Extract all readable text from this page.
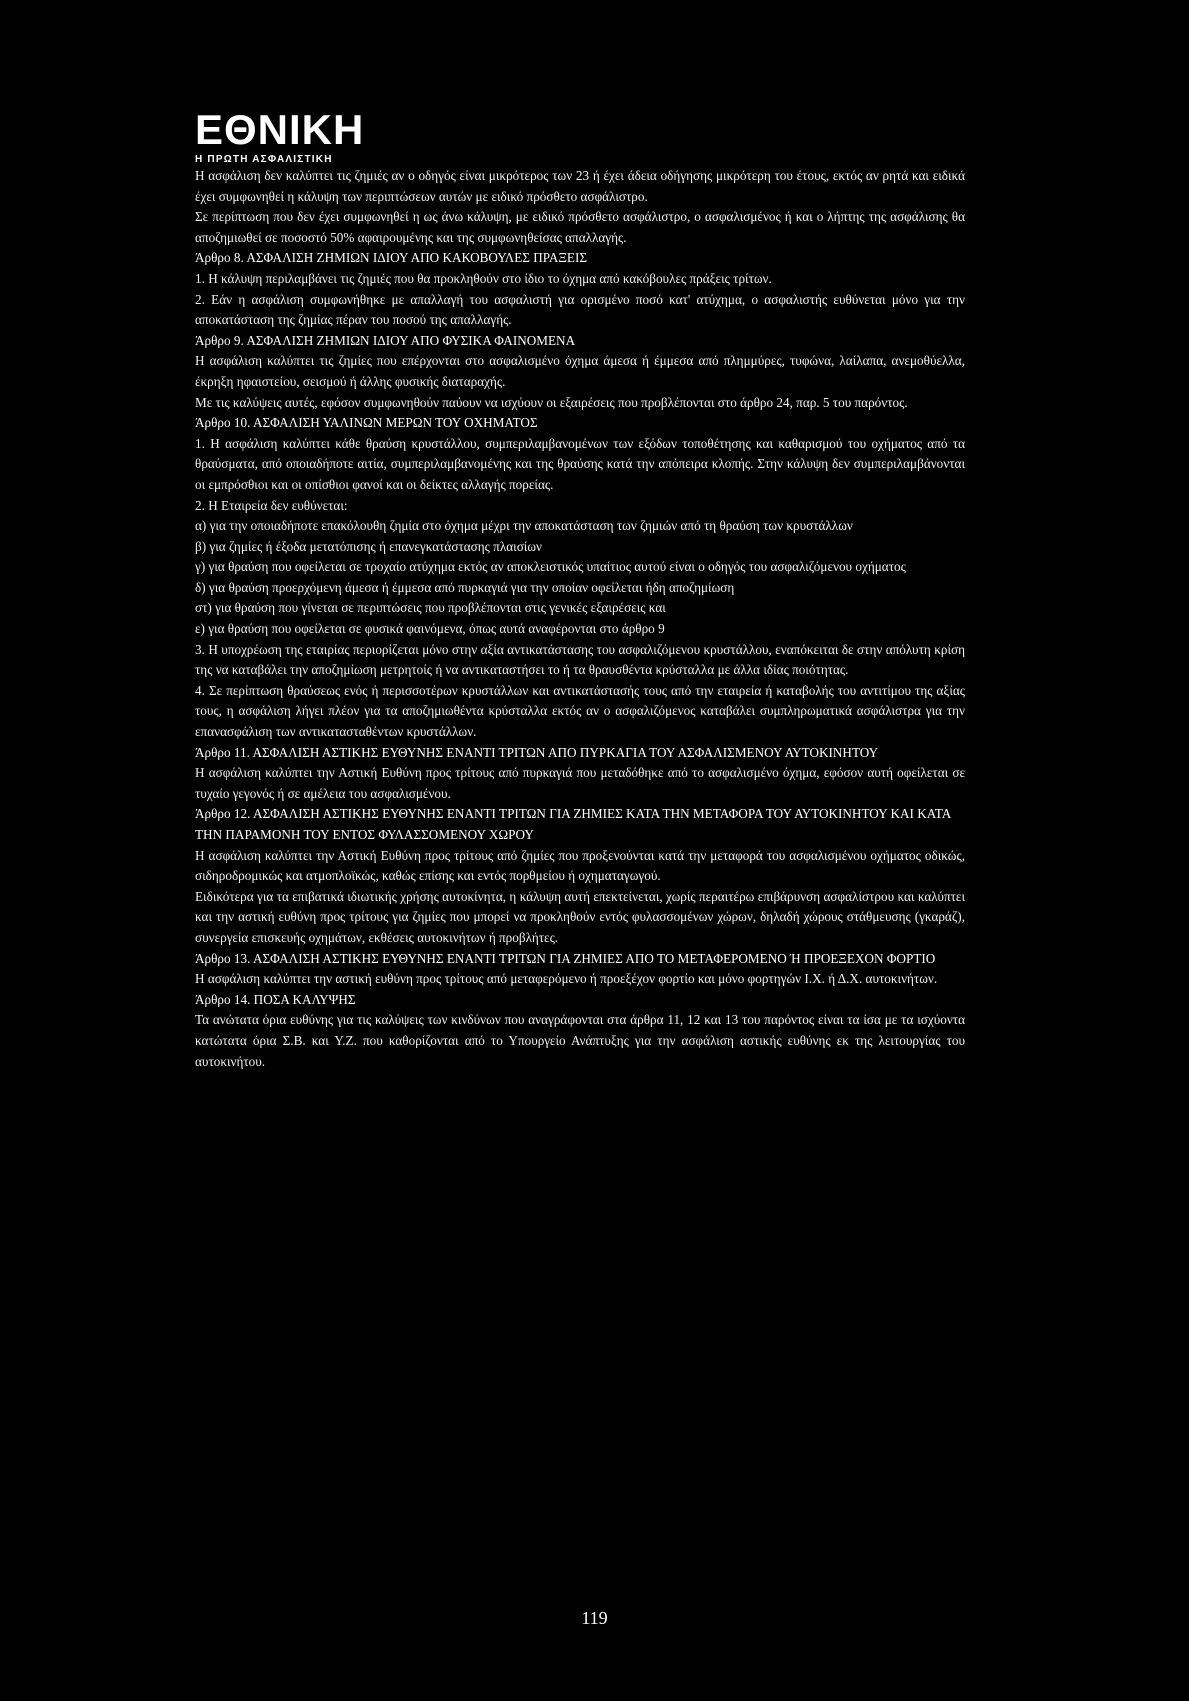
ΕΘΝΙΚΗ
Η ΠΡΩΤΗ ΑΣΦΑΛΙΣΤΙΚΗ

Η ασφάλιση δεν καλύπτει τις ζημιές αν ο οδηγός είναι μικρότερος των 23 ή έχει άδεια οδήγησης μικρότερη του έτους, εκτός αν ρητά και ειδικά έχει συμφωνηθεί η κάλυψη των περιπτώσεων αυτών με ειδικό πρόσθετο ασφάλιστρο.

Σε περίπτωση που δεν έχει συμφωνηθεί η ως άνω κάλυψη, με ειδικό πρόσθετο ασφάλιστρο, ο ασφαλισμένος ή και ο λήπτης της ασφάλισης θα αποζημιωθεί σε ποσοστό 50% αφαιρουμένης και της συμφωνηθείσας απαλλαγής.

Άρθρο 8. ΑΣΦΑΛΙΣΗ ΖΗΜΙΩΝ ΙΔΙΟΥ ΑΠΟ ΚΑΚΟΒΟΥΛΕΣ ΠΡΑΞΕΙΣ

1. Η κάλυψη περιλαμβάνει τις ζημιές που θα προκληθούν στο ίδιο το όχημα από κακόβουλες πράξεις τρίτων.

2. Εάν η ασφάλιση συμφωνήθηκε με απαλλαγή του ασφαλιστή για ορισμένο ποσό κατ' ατύχημα, ο ασφαλιστής ευθύνεται μόνο για την αποκατάσταση της ζημίας πέραν του ποσού της απαλλαγής.

Άρθρο 9. ΑΣΦΑΛΙΣΗ ΖΗΜΙΩΝ ΙΔΙΟΥ ΑΠΟ ΦΥΣΙΚΑ ΦΑΙΝΟΜΕΝΑ

Η ασφάλιση καλύπτει τις ζημίες που επέρχονται στο ασφαλισμένο όχημα άμεσα ή έμμεσα από πλημμύρες, τυφώνα, λαίλαπα, ανεμοθύελλα, έκρηξη ηφαιστείου, σεισμού ή άλλης φυσικής διαταραχής.

Με τις καλύψεις αυτές, εφόσον συμφωνηθούν παύουν να ισχύουν οι εξαιρέσεις που προβλέπονται στο άρθρο 24, παρ. 5 του παρόντος.

Άρθρο 10. ΑΣΦΑΛΙΣΗ ΥΑΛΙΝΩΝ ΜΕΡΩΝ ΤΟΥ ΟΧΗΜΑΤΟΣ

1. Η ασφάλιση καλύπτει κάθε θραύση κρυστάλλου, συμπεριλαμβανομένων των εξόδων τοποθέτησης και καθαρισμού του οχήματος από τα θραύσματα, από οποιαδήποτε αιτία, συμπεριλαμβανομένης και της θραύσης κατά την απόπειρα κλοπής. Στην κάλυψη δεν συμπεριλαμβάνονται οι εμπρόσθιοι και οι οπίσθιοι φανοί και οι δείκτες αλλαγής πορείας.

2. Η Εταιρεία δεν ευθύνεται:

α) για την οποιαδήποτε επακόλουθη ζημία στο όχημα μέχρι την αποκατάσταση των ζημιών από τη θραύση των κρυστάλλων

β) για ζημίες ή έξοδα μετατόπισης ή επανεγκατάστασης πλαισίων

γ) για θραύση που οφείλεται σε τροχαίο ατύχημα εκτός αν αποκλειστικός υπαίτιος αυτού είναι ο οδηγός του ασφαλιζόμενου οχήματος

δ) για θραύση προερχόμενη άμεσα ή έμμεσα από πυρκαγιά για την οποίαν οφείλεται ήδη αποζημίωση

στ) για θραύση που γίνεται σε περιπτώσεις που προβλέπονται στις γενικές εξαιρέσεις και

ε) για θραύση που οφείλεται σε φυσικά φαινόμενα, όπως αυτά αναφέρονται στο άρθρο 9

3. Η υποχρέωση της εταιρίας περιορίζεται μόνο στην αξία αντικατάστασης του ασφαλιζόμενου κρυστάλλου, εναπόκειται δε στην απόλυτη κρίση της να καταβάλει την αποζημίωση μετρητοίς ή να αντικαταστήσει το ή τα θραυσθέντα κρύσταλλα με άλλα ιδίας ποιότητας.

4. Σε περίπτωση θραύσεως ενός ή περισσοτέρων κρυστάλλων και αντικατάστασής τους από την εταιρεία ή καταβολής του αντιτίμου της αξίας τους, η ασφάλιση λήγει πλέον για τα αποζημιωθέντα κρύσταλλα εκτός αν ο ασφαλιζόμενος καταβάλει συμπληρωματικά ασφάλιστρα για την επανασφάλιση των αντικατασταθέντων κρυστάλλων.

Άρθρο 11. ΑΣΦΑΛΙΣΗ ΑΣΤΙΚΗΣ ΕΥΘΥΝΗΣ ΕΝΑΝΤΙ ΤΡΙΤΩΝ ΑΠΟ ΠΥΡΚΑΓΙΑ ΤΟΥ ΑΣΦΑΛΙΣΜΕΝΟΥ ΑΥΤΟΚΙΝΗΤΟΥ

Η ασφάλιση καλύπτει την Αστική Ευθύνη προς τρίτους από πυρκαγιά που μεταδόθηκε από το ασφαλισμένο όχημα, εφόσον αυτή οφείλεται σε τυχαίο γεγονός ή σε αμέλεια του ασφαλισμένου.

Άρθρο 12. ΑΣΦΑΛΙΣΗ ΑΣΤΙΚΗΣ ΕΥΘΥΝΗΣ ΕΝΑΝΤΙ ΤΡΙΤΩΝ ΓΙΑ ΖΗΜΙΕΣ ΚΑΤΑ ΤΗΝ ΜΕΤΑΦΟΡΑ ΤΟΥ ΑΥΤΟΚΙΝΗΤΟΥ ΚΑΙ ΚΑΤΑ ΤΗΝ ΠΑΡΑΜΟΝΗ ΤΟΥ ΕΝΤΟΣ ΦΥΛΑΣΣΟΜΕΝΟΥ ΧΩΡΟΥ

Η ασφάλιση καλύπτει την Αστική Ευθύνη προς τρίτους από ζημίες που προξενούνται κατά την μεταφορά του ασφαλισμένου οχήματος οδικώς, σιδηροδρομικώς και ατμοπλοϊκώς, καθώς επίσης και εντός πορθμείου ή οχηματαγωγού.

Ειδικότερα για τα επιβατικά ιδιωτικής χρήσης αυτοκίνητα, η κάλυψη αυτή επεκτείνεται, χωρίς περαιτέρω επιβάρυνση ασφαλίστρου και καλύπτει και την αστική ευθύνη προς τρίτους για ζημίες που μπορεί να προκληθούν εντός φυλασσομένων χώρων, δηλαδή χώρους στάθμευσης (γκαράζ), συνεργεία επισκευής οχημάτων, εκθέσεις αυτοκινήτων ή προβλήτες.

Άρθρο 13. ΑΣΦΑΛΙΣΗ ΑΣΤΙΚΗΣ ΕΥΘΥΝΗΣ ΕΝΑΝΤΙ ΤΡΙΤΩΝ ΓΙΑ ΖΗΜΙΕΣ ΑΠΟ ΤΟ ΜΕΤΑΦΕΡΟΜΕΝΟ Ή ΠΡΟΕΞΕΧΟΝ ΦΟΡΤΙΟ

Η ασφάλιση καλύπτει την αστική ευθύνη προς τρίτους από μεταφερόμενο ή προεξέχον φορτίο και μόνο φορτηγών Ι.Χ. ή Δ.Χ. αυτοκινήτων.

Άρθρο 14. ΠΟΣΑ ΚΑΛΥΨΗΣ

Τα ανώτατα όρια ευθύνης για τις καλύψεις των κινδύνων που αναγράφονται στα άρθρα 11, 12 και 13 του παρόντος είναι τα ίσα με τα ισχύοντα κατώτατα όρια Σ.Β. και Υ.Ζ. που καθορίζονται από το Υπουργείο Ανάπτυξης για την ασφάλιση αστικής ευθύνης εκ της λειτουργίας του αυτοκινήτου.

119
